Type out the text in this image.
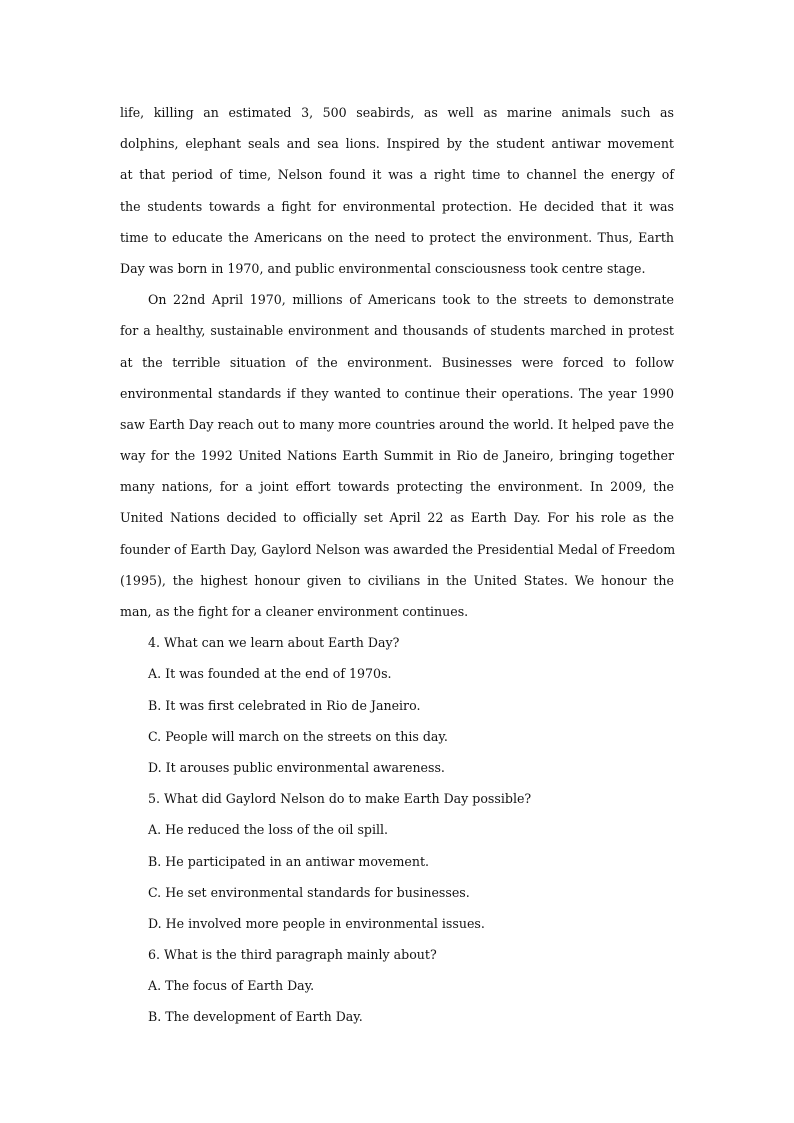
life, killing an estimated 3, 500 seabirds, as well as marine animals such as
dolphins, elephant seals and sea lions. Inspired by the student antiwar movement
at that period of time, Nelson found it was a right time to channel the energy of
the students towards a fight for environmental protection. He decided that it was
time to educate the Americans on the need to protect the environment. Thus, Earth
Day was born in 1970, and public environmental consciousness took centre stage.
On 22nd April 1970, millions of Americans took to the streets to demonstrate
for a healthy, sustainable environment and thousands of students marched in protest
at the terrible situation of the environment. Businesses were forced to follow
environmental standards if they wanted to continue their operations. The year 1990
saw Earth Day reach out to many more countries around the world. It helped pave the
way for the 1992 United Nations Earth Summit in Rio de Janeiro, bringing together
many nations, for a joint effort towards protecting the environment. In 2009, the
United Nations decided to officially set April 22 as Earth Day. For his role as the
founder of Earth Day, Gaylord Nelson was awarded the Presidential Medal of Freedom
(1995), the highest honour given to civilians in the United States. We honour the
man, as the fight for a cleaner environment continues.
4. What can we learn about Earth Day?
A. It was founded at the end of 1970s.
B. It was first celebrated in Rio de Janeiro.
C. People will march on the streets on this day.
D. It arouses public environmental awareness.
5. What did Gaylord Nelson do to make Earth Day possible?
A. He reduced the loss of the oil spill.
B. He participated in an antiwar movement.
C. He set environmental standards for businesses.
D. He involved more people in environmental issues.
6. What is the third paragraph mainly about?
A. The focus of Earth Day.
B. The development of Earth Day.
